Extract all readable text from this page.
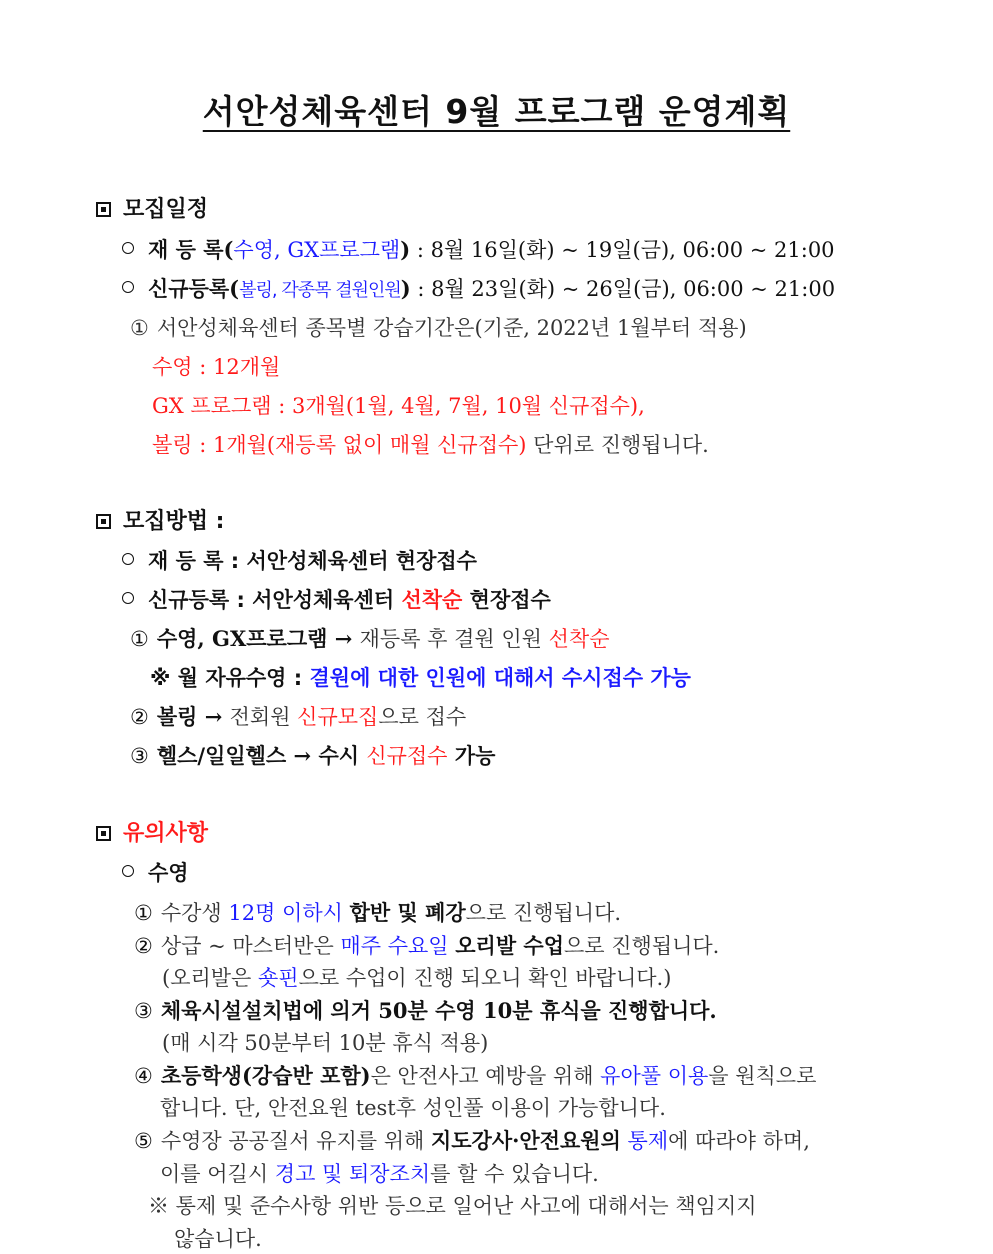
서안성체육센터 9월 프로그램 운영계획
모집일정
재 등 록(수영, GX프로그램) : 8월 16일(화) ~ 19일(금), 06:00 ~ 21:00
신규등록(볼링, 각종목 결원인원) : 8월 23일(화) ~ 26일(금), 06:00 ~ 21:00
① 서안성체육센터 종목별 강습기간은(기준, 2022년 1월부터 적용)
수영 : 12개월
GX 프로그램 : 3개월(1월, 4월, 7월, 10월 신규접수),
볼링 : 1개월(재등록 없이 매월 신규접수) 단위로 진행됩니다.
모집방법 :
재 등 록 : 서안성체육센터 현장접수
신규등록 : 서안성체육센터 선착순 현장접수
① 수영, GX프로그램 → 재등록 후 결원 인원 선착순
※ 월 자유수영 : 결원에 대한 인원에 대해서 수시접수 가능
② 볼링 → 전회원 신규모집으로 접수
③ 헬스/일일헬스 → 수시 신규접수 가능
유의사항
수영
① 수강생 12명 이하시 합반 및 폐강으로 진행됩니다.
② 상급 ~ 마스터반은 매주 수요일 오리발 수업으로 진행됩니다.
(오리발은 숏핀으로 수업이 진행 되오니 확인 바랍니다.)
③ 체육시설설치법에 의거 50분 수영 10분 휴식을 진행합니다.
(매 시각 50분부터 10분 휴식 적용)
④ 초등학생(강습반 포함)은 안전사고 예방을 위해 유아풀 이용을 원칙으로
합니다. 단, 안전요원 test후 성인풀 이용이 가능합니다.
⑤ 수영장 공공질서 유지를 위해 지도강사·안전요원의 통제에 따라야 하며,
이를 어길시 경고 및 퇴장조치를 할 수 있습니다.
※ 통제 및 준수사항 위반 등으로 일어난 사고에 대해서는 책임지지
않습니다.
